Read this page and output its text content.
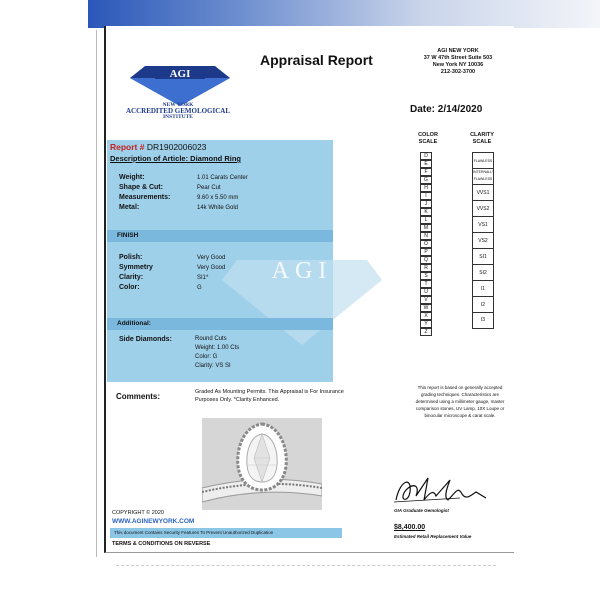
AGI
NEW YORK
ACCREDITED GEMOLOGICAL
INSTITUTE
Appraisal Report
AGI NEW YORK
37 W 47th Street Suite 503
New York NY 10036
212-302-3700
Date: 2/14/2020
AGI
Report # DR1902006023
Description of Article: Diamond Ring
Weight:	1.01 Carats Center
Shape & Cut:	Pear Cut
Measurements:	9.60 x 5.50 mm
Metal:	14k White Gold
FINISH
Polish:	Very Good
Symmetry	Very Good
Clarity:	SI1*
Color:	G
Additional:
Side Diamonds:	Round Cuts
Weight: 1.00 Cts
Color: G
Clarity: VS SI
COLOR SCALE
CLARITY SCALE
D
E
F
G
H
I
J
K
L
M
N
O
P
Q
R
S
T
U
V
W
X
Y
Z
FLAWLESS
INTERNALLY FLAWLESS
VVS1
VVS2
VS1
VS2
SI1
SI2
I1
I2
I3
This report is based on generally accepted grading techniques. Characteristics are determined using a millimeter gauge, master comparison stones, UV Lamp, 10X Loupe or binocular microscope & carat scale.
Comments:	Graded As Mounting Permits. This Appraisal is For Insurance Purposes Only. *Clarity Enhanced.
COPYRIGHT © 2020
WWW.AGINEWYORK.COM
This document Contains Security Features To Prevent Unauthorized Duplication
TERMS & CONDITIONS ON REVERSE
GIA Graduate Gemologist
$8,400.00
Estimated Retail Replacement Value
